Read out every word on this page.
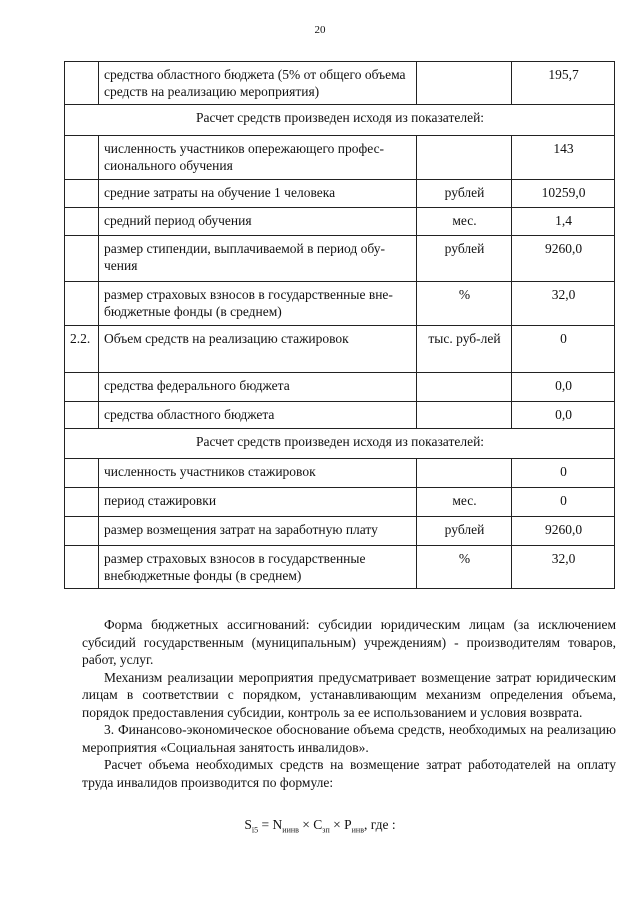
20
	средства областного бюджета (5% от общего объема средств на реализацию мероприятия)		195,7
Расчет средств произведен исходя из показателей:			
	численность участников опережающего профес-сионального обучения		143
	средние затраты на обучение 1 человека	рублей	10259,0
	средний период обучения	мес.	1,4
	размер стипендии, выплачиваемой в период обу-чения	рублей	9260,0
	размер страховых взносов в государственные вне-бюджетные фонды (в среднем)	%	32,0
2.2.	Объем средств на реализацию стажировок	тыс. руб-лей	0
	средства федерального бюджета		0,0
	средства областного бюджета		0,0
Расчет средств произведен исходя из показателей:			
	численность участников стажировок		0
	период стажировки	мес.	0
	размер возмещения затрат на заработную плату	рублей	9260,0
	размер страховых взносов в государственные внебюджетные фонды (в среднем)	%	32,0

Форма бюджетных ассигнований: субсидии юридическим лицам (за исключением субсидий государственным (муниципальным) учреждениям) - производителям товаров, работ, услуг.

Механизм реализации мероприятия предусматривает возмещение затрат юридическим лицам в соответствии с порядком, устанавливающим механизм определения объема, порядок предоставления субсидии, контроль за ее использованием и условия возврата.

3. Финансово-экономическое обоснование объема средств, необходимых на реализацию мероприятия «Социальная занятость инвалидов».

Расчет объема необходимых средств на возмещение затрат работодателей на оплату труда инвалидов производится по формуле:

$S_{i5} = N_{иинв} \times C_{зп} \times P_{инв}$, где :
